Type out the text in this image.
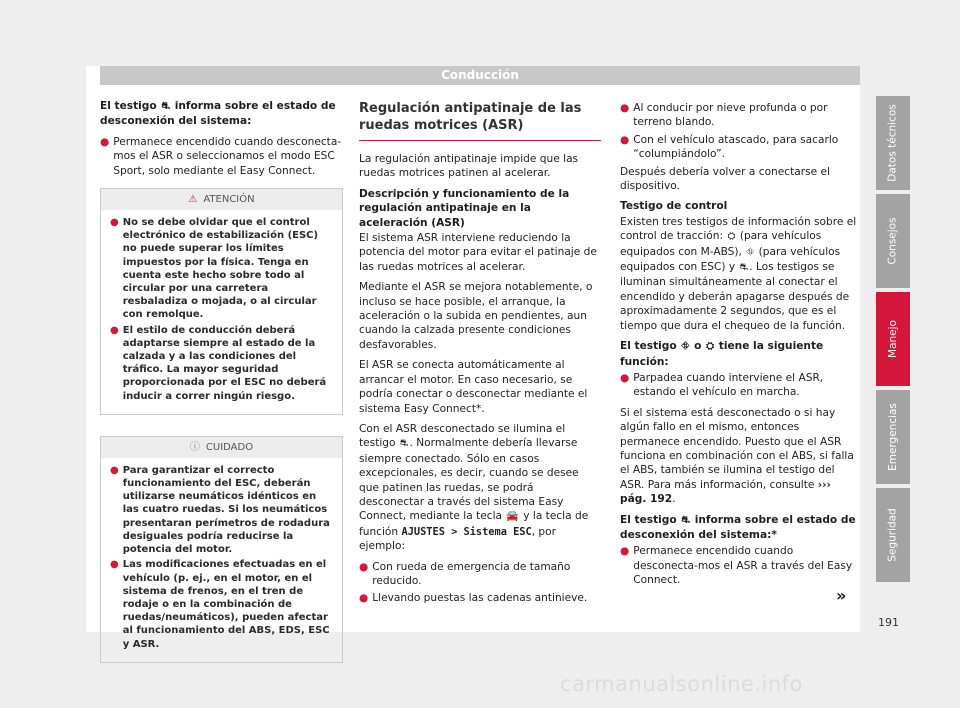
Conducción

El testigo ⛐ informa sobre el estado de desconexión del sistema:

● Permanece encendido cuando desconecta-mos el ASR o seleccionamos el modo ESC Sport, solo mediante el Easy Connect.
⚠ ATENCIÓN
● No se debe olvidar que el control electrónico de estabilización (ESC) no puede superar los límites impuestos por la física. Tenga en cuenta este hecho sobre todo al circular por una carretera resbaladiza o mojada, o al circular con remolque.
● El estilo de conducción deberá adaptarse siempre al estado de la calzada y a las condiciones del tráfico. La mayor seguridad proporcionada por el ESC no deberá inducir a correr ningún riesgo.
ⓘ CUIDADO
● Para garantizar el correcto funcionamiento del ESC, deberán utilizarse neumáticos idénticos en las cuatro ruedas. Si los neumáticos presentaran perímetros de rodadura desiguales podría reducirse la potencia del motor.
● Las modificaciones efectuadas en el vehículo (p. ej., en el motor, en el sistema de frenos, en el tren de rodaje o en la combinación de ruedas/neumáticos), pueden afectar al funcionamiento del ABS, EDS, ESC y ASR.
Regulación antipatinaje de las ruedas motrices (ASR)

La regulación antipatinaje impide que las ruedas motrices patinen al acelerar.

Descripción y funcionamiento de la regulación antipatinaje en la aceleración (ASR)

El sistema ASR interviene reduciendo la potencia del motor para evitar el patinaje de las ruedas motrices al acelerar.

Mediante el ASR se mejora notablemente, o incluso se hace posible, el arranque, la aceleración o la subida en pendientes, aun cuando la calzada presente condiciones desfavorables.

El ASR se conecta automáticamente al arrancar el motor. En caso necesario, se podría conectar o desconectar mediante el sistema Easy Connect*.

Con el ASR desconectado se ilumina el testigo ⛐. Normalmente debería llevarse siempre conectado. Sólo en casos excepcionales, es decir, cuando se desee que patinen las ruedas, se podrá desconectar a través del sistema Easy Connect, mediante la tecla 🚘 y la tecla de función AJUSTES > Sistema ESC, por ejemplo:

● Con rueda de emergencia de tamaño reducido.
● Llevando puestas las cadenas antinieve.
● Al conducir por nieve profunda o por terreno blando.
● Con el vehículo atascado, para sacarlo “columpiándolo”.

Después debería volver a conectarse el dispositivo.

Testigo de control

Existen tres testigos de información sobre el control de tracción: ⛭ (para vehículos equipados con M-ABS), ⛗ (para vehículos equipados con ESC) y ⛐. Los testigos se iluminan simultáneamente al conectar el encendido y deberán apagarse después de aproximadamente 2 segundos, que es el tiempo que dura el chequeo de la función.

El testigo ⛗ o ⛭ tiene la siguiente función:

● Parpadea cuando interviene el ASR, estando el vehículo en marcha.

Si el sistema está desconectado o si hay algún fallo en el mismo, entonces permanece encendido. Puesto que el ASR funciona en combinación con el ABS, si falla el ABS, también se ilumina el testigo del ASR. Para más información, consulte ››› pág. 192.

El testigo ⛐ informa sobre el estado de desconexión del sistema:*

● Permanece encendido cuando desconecta-mos el ASR a través del Easy Connect.
»
Datos técnicos
Consejos
Manejo
Emergencias
Seguridad
191
carmanualsonline.info
